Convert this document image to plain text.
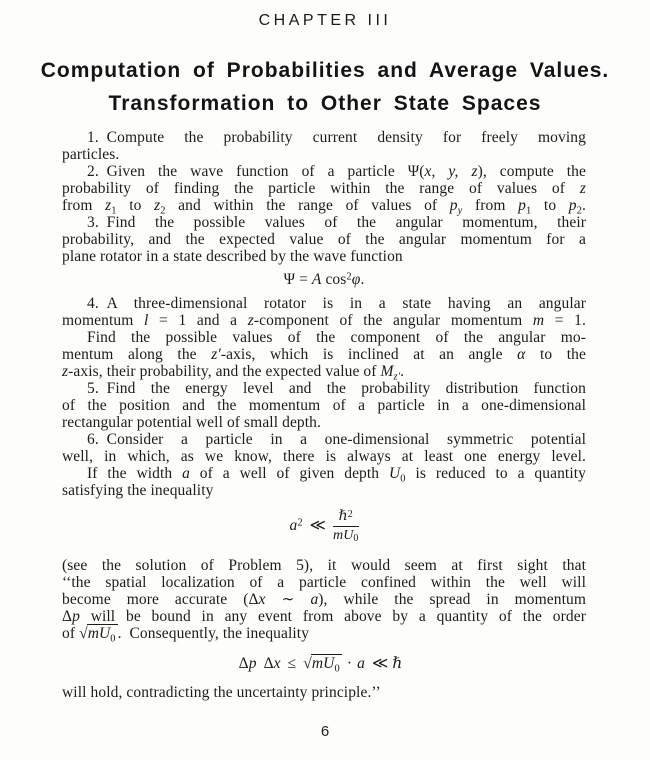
CHAPTER III
Computation of Probabilities and Average Values.
Transformation to Other State Spaces
1. Compute the probability current density for freely moving
particles.
2. Given the wave function of a particle Ψ(x, y, z), compute the
probability of finding the particle within the range of values of z
from $z_1$ to $z_2$ and within the range of values of $p_y$ from $p_1$ to $p_2$.
3. Find the possible values of the angular momentum, their
probability, and the expected value of the angular momentum for a
plane rotator in a state described by the wave function
Ψ = A $\cos^2\varphi$.
4. A three-dimensional rotator is in a state having an angular
momentum l = 1 and a z-component of the angular momentum m = 1.
Find the possible values of the component of the angular mo-
mentum along the z′-axis, which is inclined at an angle α to the
z-axis, their probability, and the expected value of $M_{z'}$.
5. Find the energy level and the probability distribution function
of the position and the momentum of a particle in a one-dimensional
rectangular potential well of small depth.
6. Consider a particle in a one-dimensional symmetric potential
well, in which, as we know, there is always at least one energy level.
If the width a of a well of given depth $U_0$ is reduced to a quantity
satisfying the inequality
$a^2$ ≪ $\frac{\hbar^2}{mU_0}$
(see the solution of Problem 5), it would seem at first sight that
‘‘the spatial localization of a particle confined within the well will
become more accurate (Δx ∼ a), while the spread in momentum
Δp will be bound in any event from above by a quantity of the order
of $√mU_0$ . Consequently, the inequality
Δp $\Delta x \le √mU_0 \cdot a$ ≪ ℏ
will hold, contradicting the uncertainty principle.’’
6
